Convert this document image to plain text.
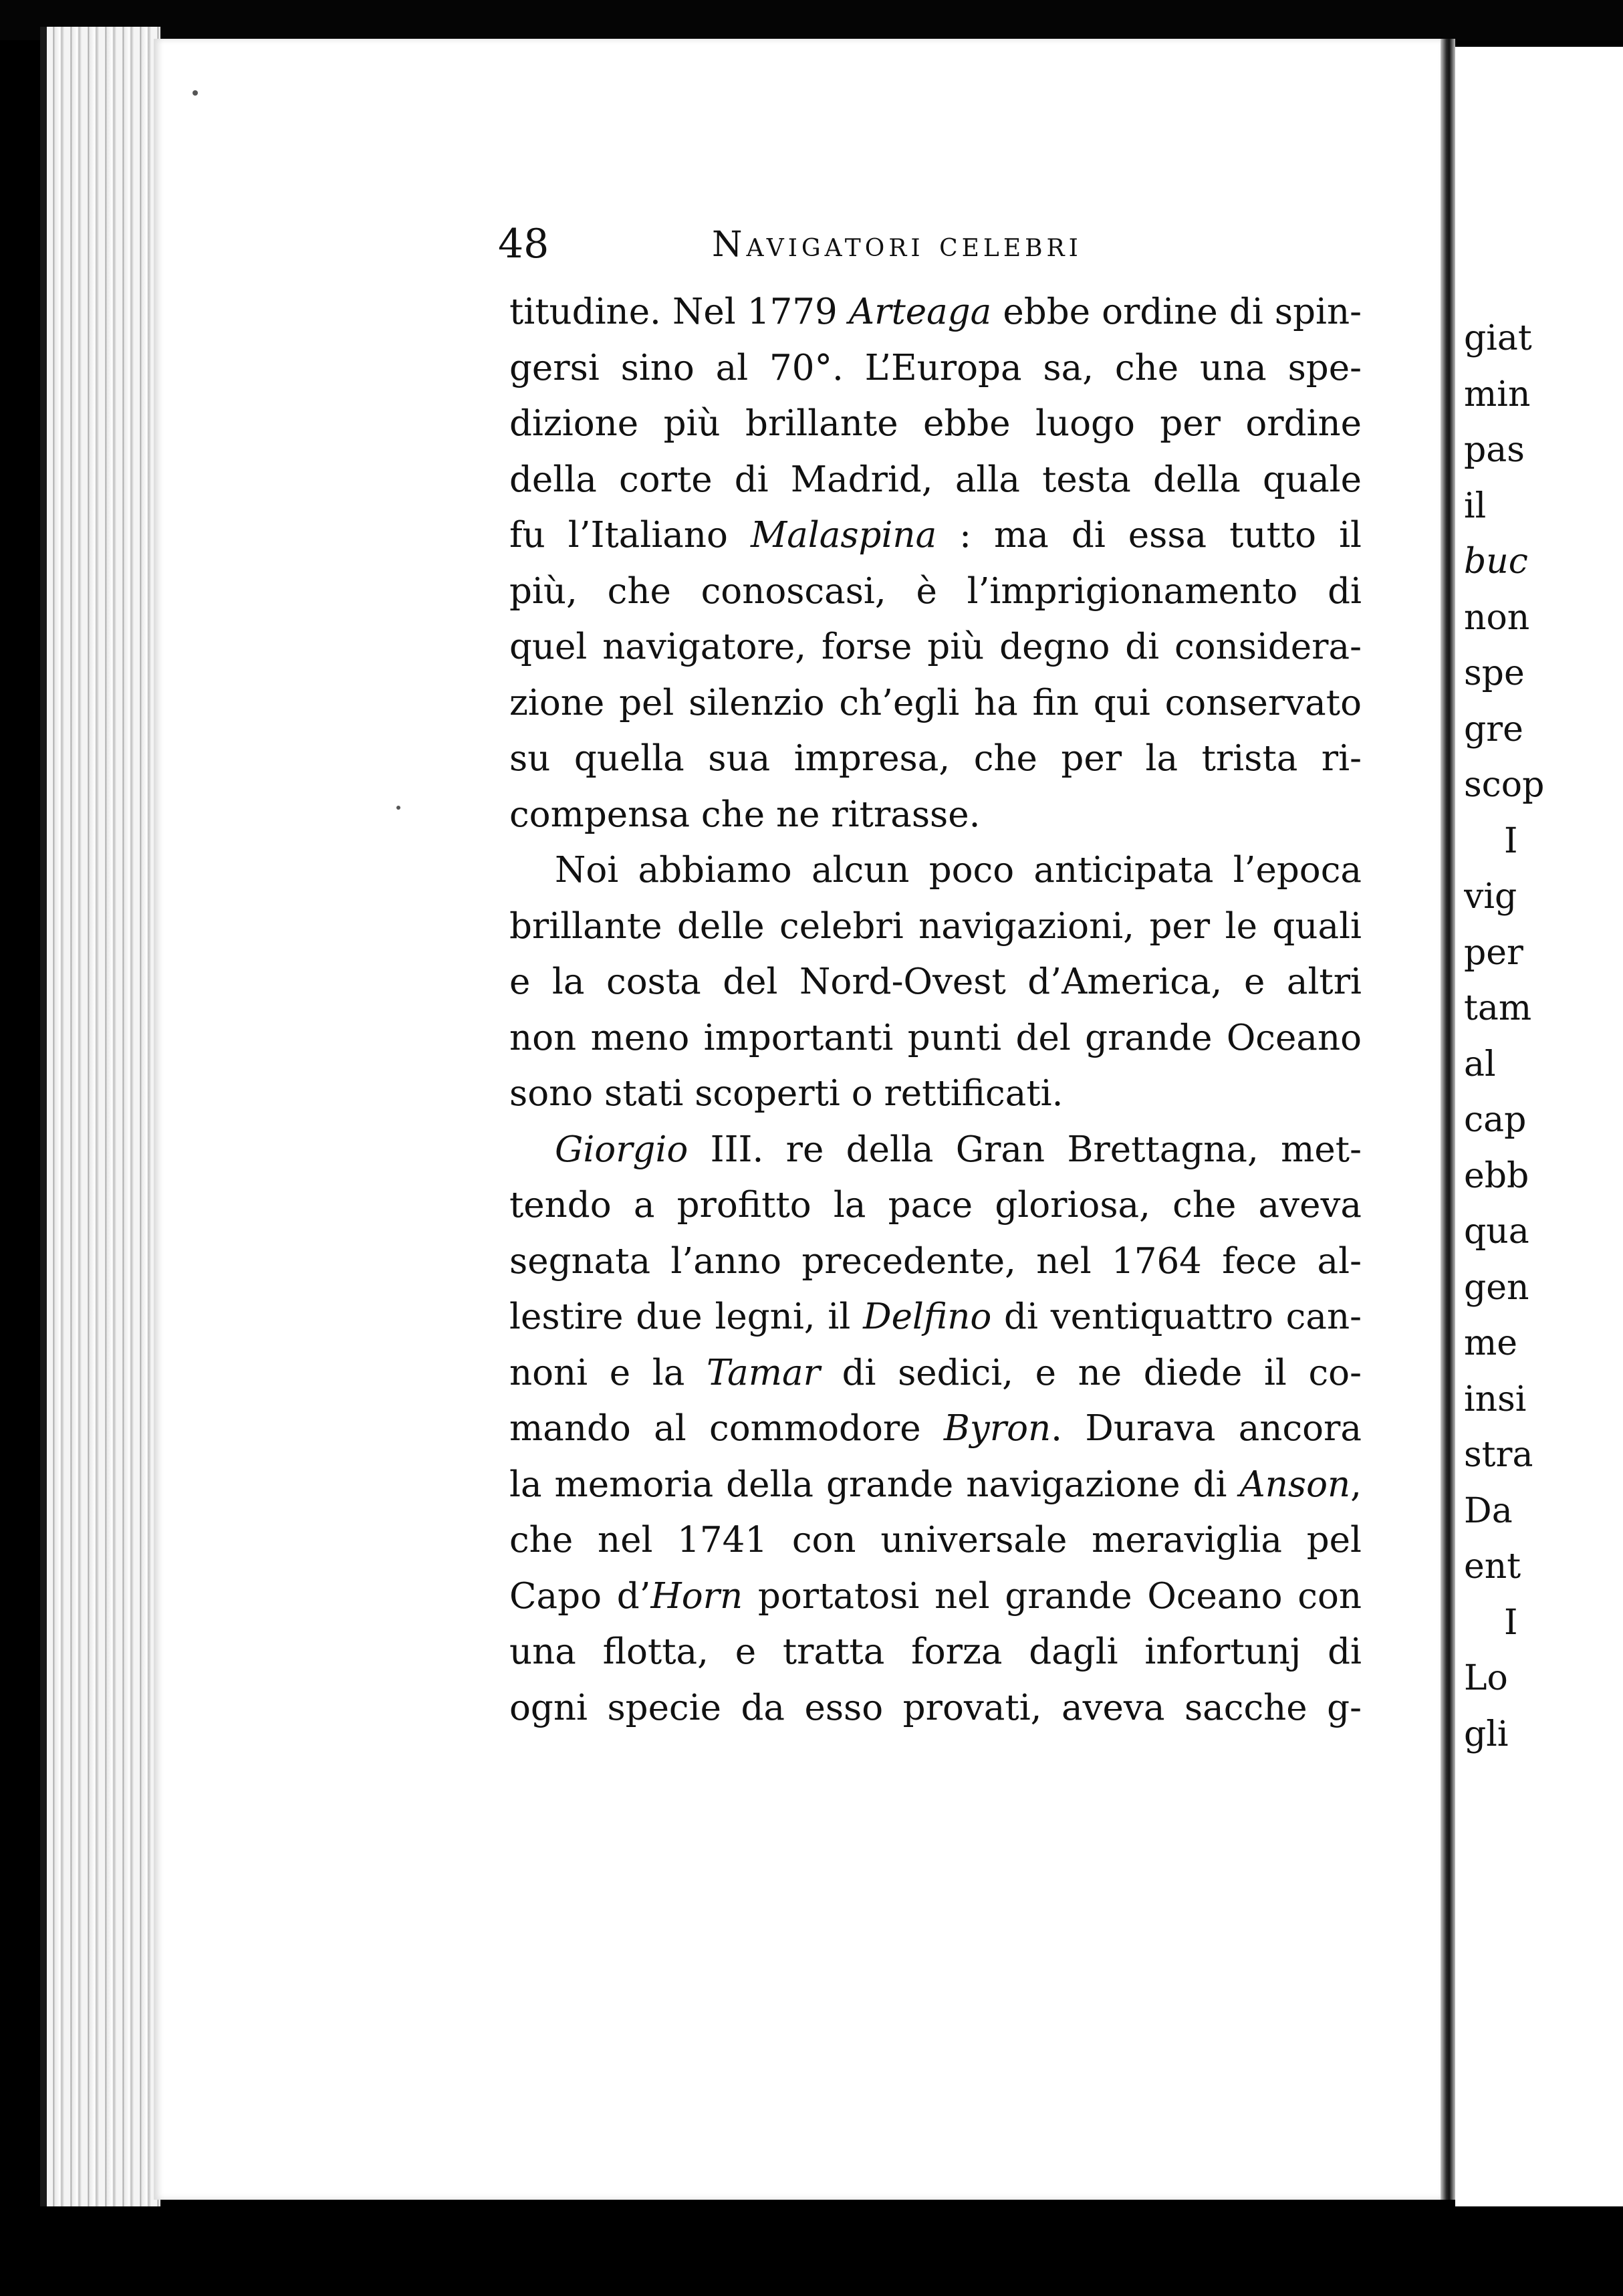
48	Navigatori celebri
titudine. Nel 1779 Arteaga ebbe ordine di spin-
gersi sino al 70°. L’Europa sa, che una spe-
dizione più brillante ebbe luogo per ordine
della corte di Madrid, alla testa della quale
fu l’Italiano Malaspina : ma di essa tutto il
più, che conoscasi, è l’imprigionamento di
quel navigatore, forse più degno di considera-
zione pel silenzio ch’egli ha fin qui conservato
su quella sua impresa, che per la trista ri-
compensa che ne ritrasse.
Noi abbiamo alcun poco anticipata l’epoca
brillante delle celebri navigazioni, per le quali
e la costa del Nord-Ovest d’America, e altri
non meno importanti punti del grande Oceano
sono stati scoperti o rettificati.
Giorgio III. re della Gran Brettagna, met-
tendo a profitto la pace gloriosa, che aveva
segnata l’anno precedente, nel 1764 fece al-
lestire due legni, il Delfino di ventiquattro can-
noni e la Tamar di sedici, e ne diede il co-
mando al commodore Byron. Durava ancora
la memoria della grande navigazione di Anson,
che nel 1741 con universale meraviglia pel
Capo d’Horn portatosi nel grande Oceano con
una flotta, e tratta forza dagli infortunj di
ogni specie da esso provati, aveva sacche g-
giat
min
pas
il
buc
non
spe
gre
scop
I
vig
per
tam
al
cap
ebb
qua
gen
me
insi
stra
Da
ent
I
Lo
gli
